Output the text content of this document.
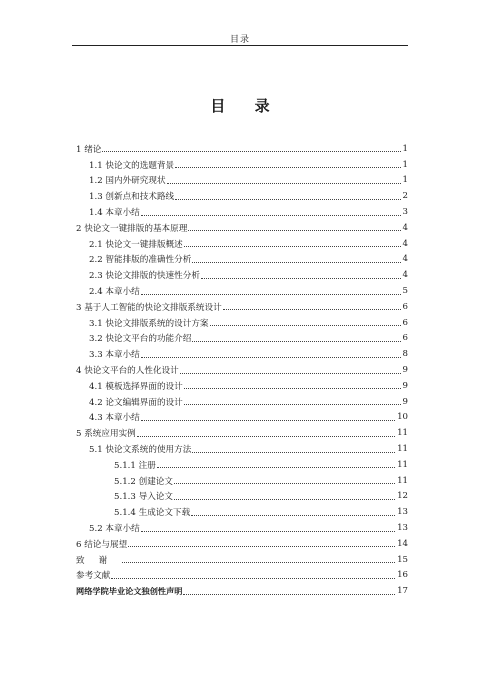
目录
目 录
1 绪论	1
1.1 快论文的选题背景	1
1.2 国内外研究现状	1
1.3 创新点和技术路线	2
1.4 本章小结	3
2 快论文一键排版的基本原理	4
2.1 快论文一键排版概述	4
2.2 智能排版的准确性分析	4
2.3 快论文排版的快速性分析	4
2.4 本章小结	5
3 基于人工智能的快论文排版系统设计	6
3.1 快论文排版系统的设计方案	6
3.2 快论文平台的功能介绍	6
3.3 本章小结	8
4 快论文平台的人性化设计	9
4.1 模板选择界面的设计	9
4.2 论文编辑界面的设计	9
4.3 本章小结	10
5 系统应用实例	11
5.1 快论文系统的使用方法	11
5.1.1 注册	11
5.1.2 创建论文	11
5.1.3 导入论文	12
5.1.4 生成论文下载	13
5.2 本章小结	13
6 结论与展望	14
致谢	15
参考文献	16
网络学院毕业论文独创性声明	17
